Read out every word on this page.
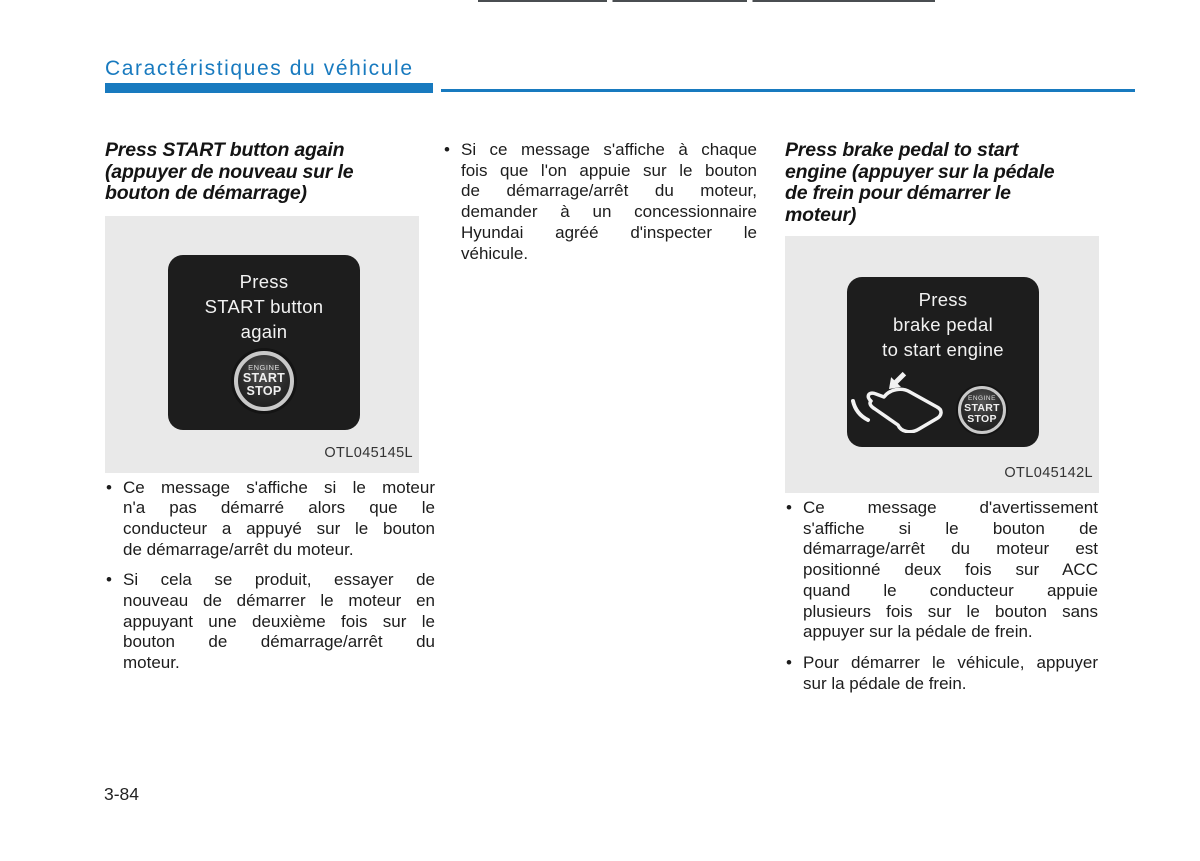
Caractéristiques du véhicule
Press START button again
(appuyer de nouveau sur le
bouton de démarrage)
Press
START button
again
ENGINE
START
STOP
OTL045145L
• Ce message s'affiche si le moteur
n'a pas démarré alors que le
conducteur a appuyé sur le bouton
de démarrage/arrêt du moteur.
• Si cela se produit, essayer de
nouveau de démarrer le moteur en
appuyant une deuxième fois sur le
bouton de démarrage/arrêt du
moteur.
• Si ce message s'affiche à chaque
fois que l'on appuie sur le bouton
de démarrage/arrêt du moteur,
demander à un concessionnaire
Hyundai agréé d'inspecter le
véhicule.
Press brake pedal to start
engine (appuyer sur la pédale
de frein pour démarrer le
moteur)
Press
brake pedal
to start engine
ENGINE
START
STOP
OTL045142L
• Ce message d'avertissement
s'affiche si le bouton de
démarrage/arrêt du moteur est
positionné deux fois sur ACC
quand le conducteur appuie
plusieurs fois sur le bouton sans
appuyer sur la pédale de frein.
• Pour démarrer le véhicule, appuyer
sur la pédale de frein.
3-84
